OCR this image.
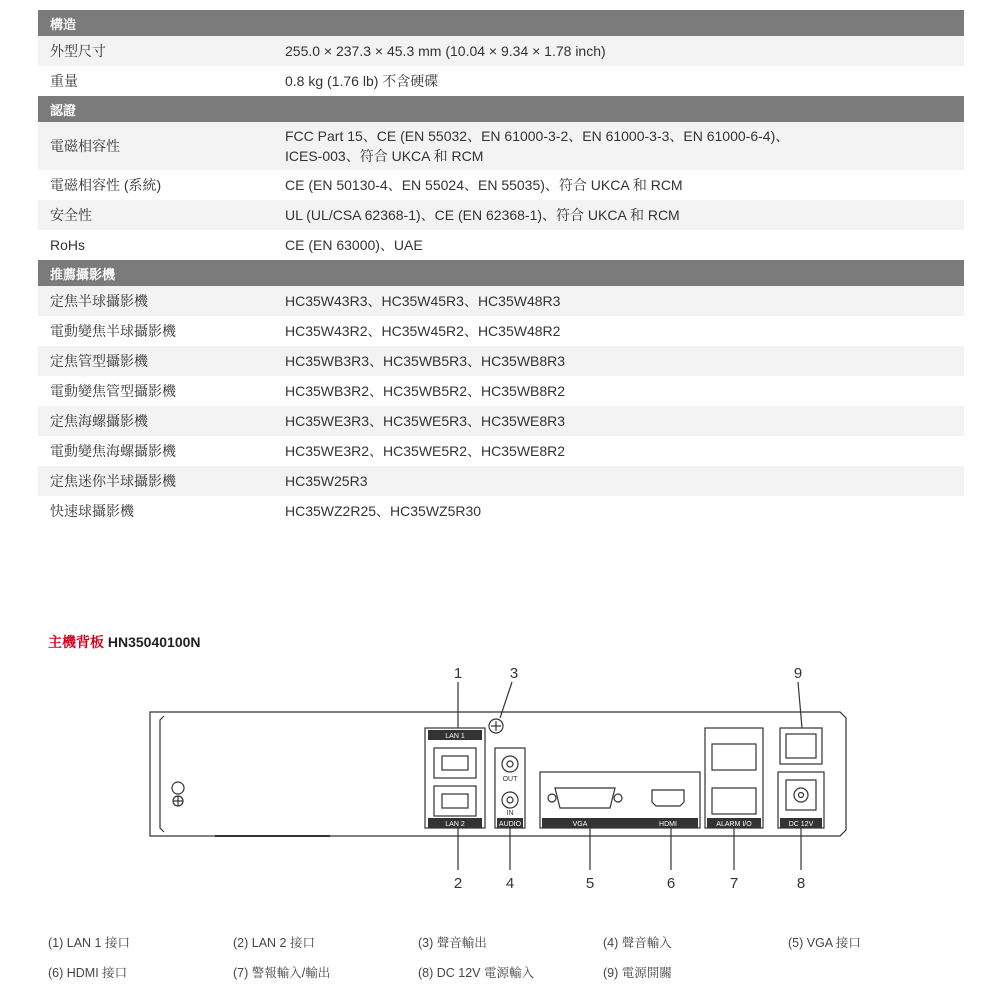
構造	
外型尺寸	255.0 × 237.3 × 45.3 mm (10.04 × 9.34 × 1.78 inch)
重量	0.8 kg (1.76 lb) 不含硬碟
認證	
電磁相容性	FCC Part 15、CE (EN 55032、EN 61000-3-2、EN 61000-3-3、EN 61000-6-4)、
ICES-003、符合 UKCA 和 RCM

電磁相容性 (系統)	CE (EN 50130-4、EN 55024、EN 55035)、符合 UKCA 和 RCM
安全性	UL (UL/CSA 62368-1)、CE (EN 62368-1)、符合 UKCA 和 RCM
RoHs	CE (EN 63000)、UAE
推薦攝影機	
定焦半球攝影機	HC35W43R3、HC35W45R3、HC35W48R3
電動變焦半球攝影機	HC35W43R2、HC35W45R2、HC35W48R2
定焦管型攝影機	HC35WB3R3、HC35WB5R3、HC35WB8R3
電動變焦管型攝影機	HC35WB3R2、HC35WB5R2、HC35WB8R2
定焦海螺攝影機	HC35WE3R3、HC35WE5R3、HC35WE8R3
電動變焦海螺攝影機	HC35WE3R2、HC35WE5R2、HC35WE8R2
定焦迷你半球攝影機	HC35W25R3
快速球攝影機	HC35WZ2R25、HC35WZ5R30
主機背板 HN35040100N
LAN 1
LAN 2	AUDIO	VGA	HDMI	ALARM I/O	DC 12V
OUT
IN
1	3	9
2	4	5	6	7	8
(1) LAN 1 接口	(2) LAN 2 接口	(3) 聲音輸出	(4) 聲音輸入	(5) VGA 接口
(6) HDMI 接口	(7) 警報輸入/輸出	(8) DC 12V 電源輸入	(9) 電源開關
